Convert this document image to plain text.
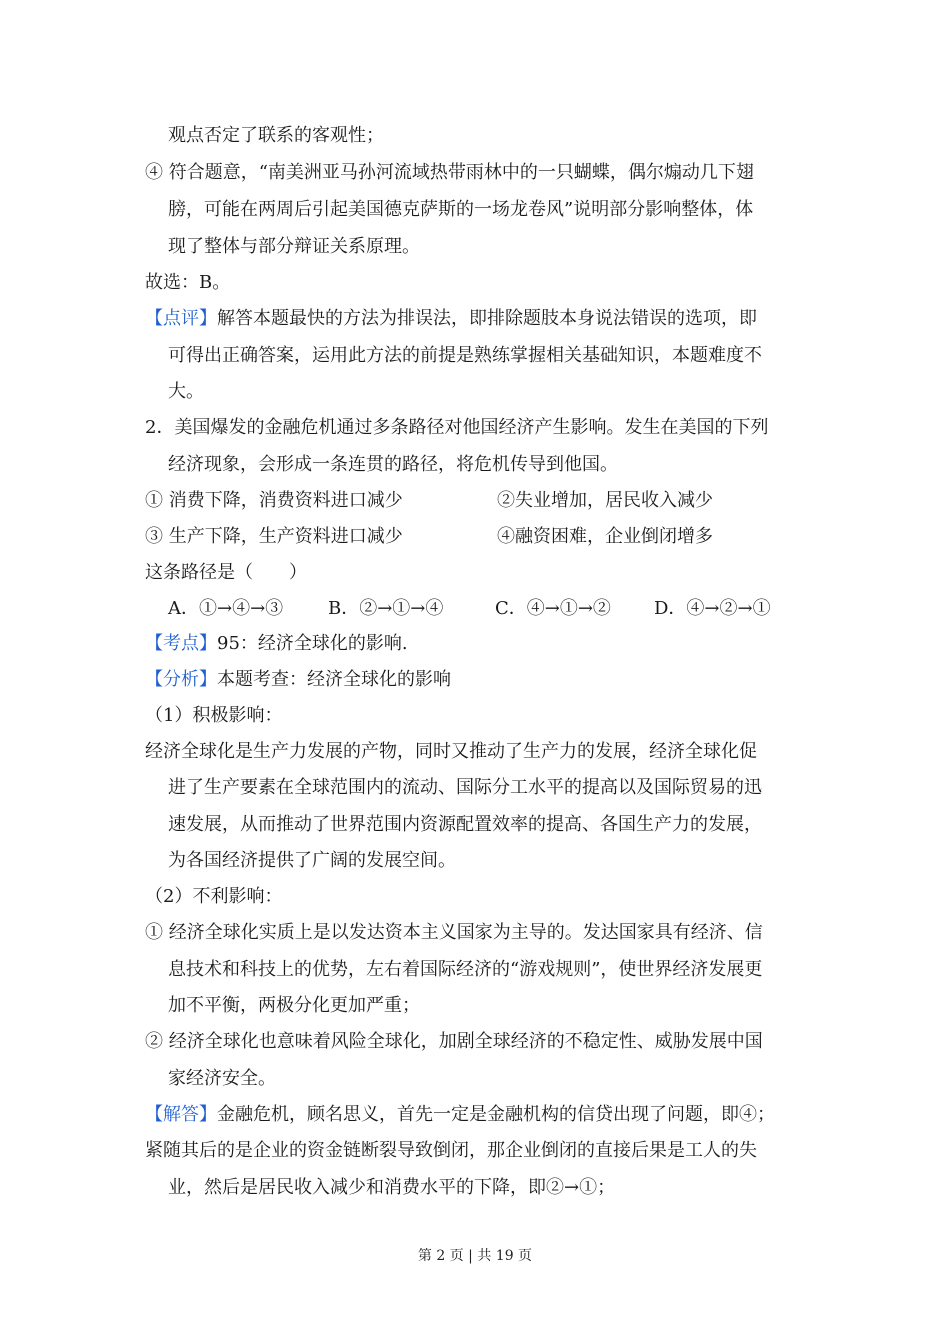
观点否定了联系的客观性；
④ 符合题意，“南美洲亚马孙河流域热带雨林中的一只蝴蝶，偶尔煽动几下翅
膀，可能在两周后引起美国德克萨斯的一场龙卷风”说明部分影响整体，体
现了整体与部分辩证关系原理。
故选：B。
【点评】解答本题最快的方法为排误法，即排除题肢本身说法错误的选项，即
可得出正确答案，运用此方法的前提是熟练掌握相关基础知识，本题难度不
大。
2．美国爆发的金融危机通过多条路径对他国经济产生影响。发生在美国的下列
经济现象，会形成一条连贯的路径，将危机传导到他国。
① 消费下降，消费资料进口减少	②失业增加，居民收入减少
③ 生产下降，生产资料进口减少	④融资困难，企业倒闭增多
这条路径是（　　）
A．①→④→③ B．②→①→④	C．④→①→② D．④→②→①
【考点】95：经济全球化的影响.
【分析】本题考查：经济全球化的影响
（1）积极影响：
经济全球化是生产力发展的产物，同时又推动了生产力的发展，经济全球化促
进了生产要素在全球范围内的流动、国际分工水平的提高以及国际贸易的迅
速发展，从而推动了世界范围内资源配置效率的提高、各国生产力的发展，
为各国经济提供了广阔的发展空间。
（2）不利影响：
① 经济全球化实质上是以发达资本主义国家为主导的。发达国家具有经济、信
息技术和科技上的优势，左右着国际经济的“游戏规则”，使世界经济发展更
加不平衡，两极分化更加严重；
② 经济全球化也意味着风险全球化，加剧全球经济的不稳定性、威胁发展中国
家经济安全。
【解答】金融危机，顾名思义，首先一定是金融机构的信贷出现了问题，即④；
紧随其后的是企业的资金链断裂导致倒闭，那企业倒闭的直接后果是工人的失
业，然后是居民收入减少和消费水平的下降，即②→①；
第 2 页 | 共 19 页
